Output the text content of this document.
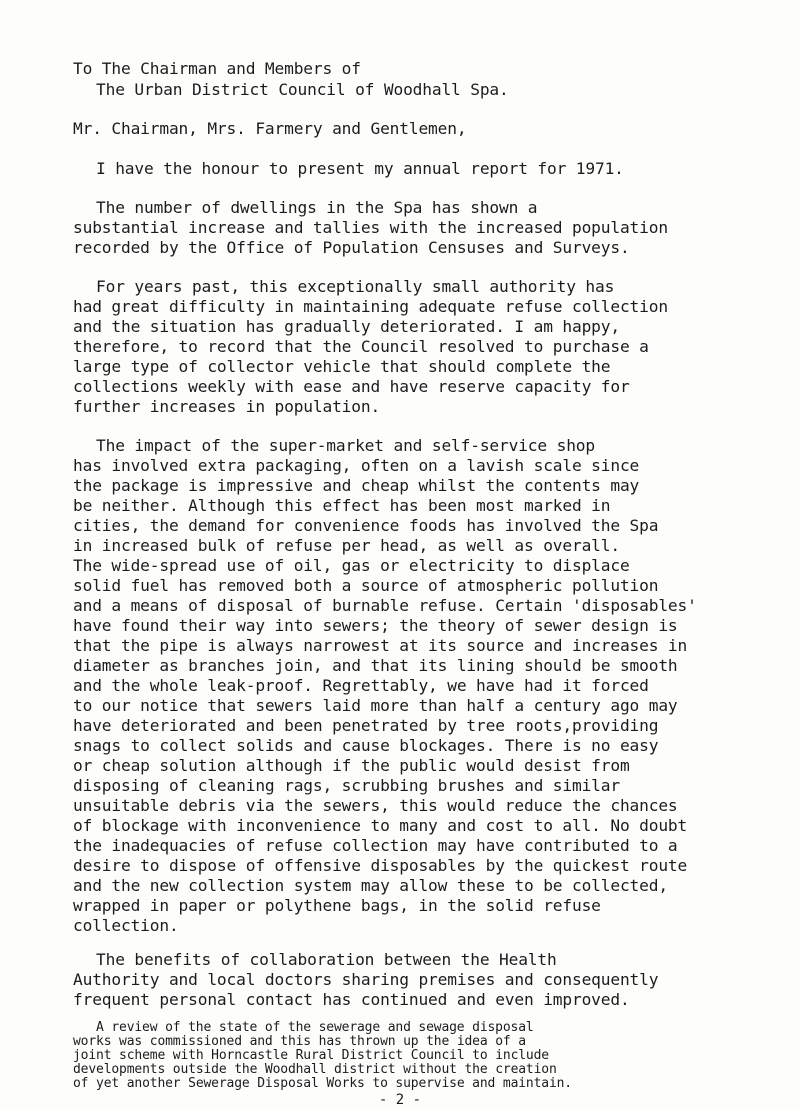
To The Chairman and Members of

The Urban District Council of Woodhall Spa.

Mr. Chairman, Mrs. Farmery and Gentlemen,

I have the honour to present my annual report for 1971.

The number of dwellings in the Spa has shown a

substantial increase and tallies with the increased population

recorded by the Office of Population Censuses and Surveys.

For years past, this exceptionally small authority has

had great difficulty in maintaining adequate refuse collection

and the situation has gradually deteriorated. I am happy,

therefore, to record that the Council resolved to purchase a

large type of collector vehicle that should complete the

collections weekly with ease and have reserve capacity for

further increases in population.

The impact of the super-market and self-service shop

has involved extra packaging, often on a lavish scale since

the package is impressive and cheap whilst the contents may

be neither. Although this effect has been most marked in

cities, the demand for convenience foods has involved the Spa

in increased bulk of refuse per head, as well as overall.

The wide-spread use of oil, gas or electricity to displace

solid fuel has removed both a source of atmospheric pollution

and a means of disposal of burnable refuse. Certain 'disposables'

have found their way into sewers; the theory of sewer design is

that the pipe is always narrowest at its source and increases in

diameter as branches join, and that its lining should be smooth

and the whole leak-proof. Regrettably, we have had it forced

to our notice that sewers laid more than half a century ago may

have deteriorated and been penetrated by tree roots,providing

snags to collect solids and cause blockages. There is no easy

or cheap solution although if the public would desist from

disposing of cleaning rags, scrubbing brushes and similar

unsuitable debris via the sewers, this would reduce the chances

of blockage with inconvenience to many and cost to all. No doubt

the inadequacies of refuse collection may have contributed to a

desire to dispose of offensive disposables by the quickest route

and the new collection system may allow these to be collected,

wrapped in paper or polythene bags, in the solid refuse

collection.

The benefits of collaboration between the Health

Authority and local doctors sharing premises and consequently

frequent personal contact has continued and even improved.

A review of the state of the sewerage and sewage disposal

works was commissioned and this has thrown up the idea of a

joint scheme with Horncastle Rural District Council to include

developments outside the Woodhall district without the creation

of yet another Sewerage Disposal Works to supervise and maintain.

- 2 -
